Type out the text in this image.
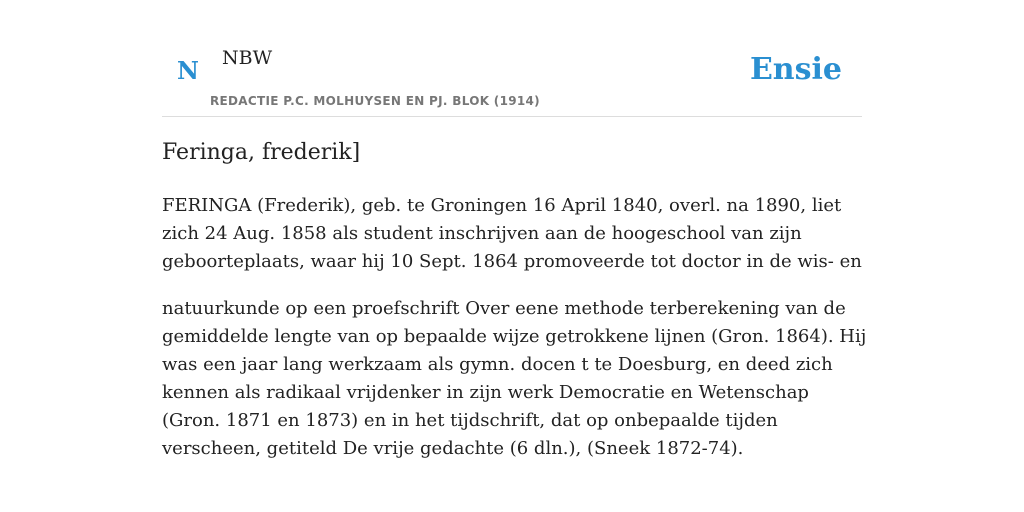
N NBW
REDACTIE P.C. MOLHUYSEN EN PJ. BLOK (1914)
Ensie
Feringa, frederik]

FERINGA (Frederik), geb. te Groningen 16 April 1840, overl. na 1890, liet zich 24 Aug. 1858 als student inschrijven aan de hoogeschool van zijn geboorteplaats, waar hij 10 Sept. 1864 promoveerde tot doctor in de wis- en

natuurkunde op een proefschrift Over eene methode terberekening van de gemiddelde lengte van op bepaalde wijze getrokkene lijnen (Gron. 1864). Hij was een jaar lang werkzaam als gymn. docen t te Doesburg, en deed zich kennen als radikaal vrijdenker in zijn werk Democratie en Wetenschap (Gron. 1871 en 1873) en in het tijdschrift, dat op onbepaalde tijden verscheen, getiteld De vrije gedachte (6 dln.), (Sneek 1872-74).
